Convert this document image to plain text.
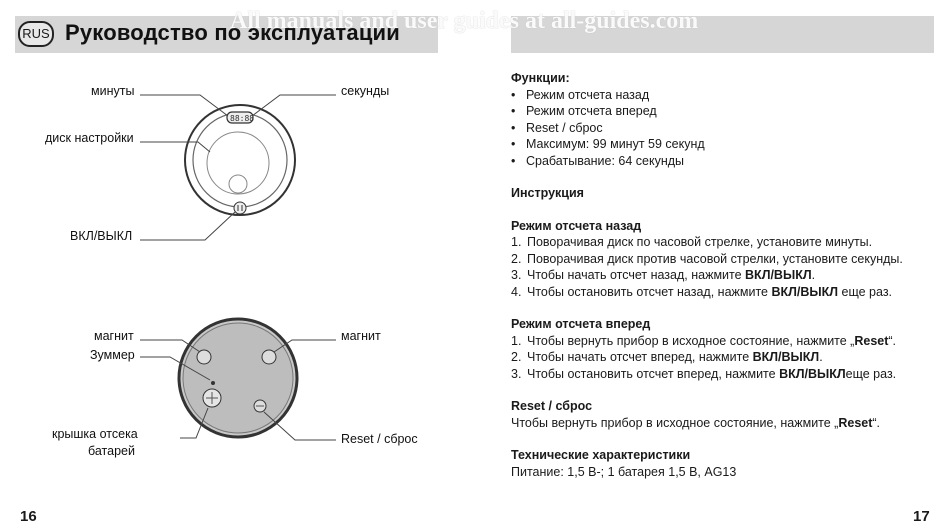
RUS Руководство по эксплуатации
All manuals and user guides at all-guides.com
88:88
минуты	секунды
диск настройки
ВКЛ/ВЫКЛ
магнит	магнит
Зуммер
крышка отсека
батарей
Reset / сброс
Функции:
• Режим отсчета назад
• Режим отсчета вперед
• Reset / сброс
• Максимум: 99 минут 59 секунд
• Срабатывание: 64 секунды
Инструкция
Режим отсчета назад
1. Поворачивая диск по часовой стрелке, установите минуты.
2. Поворачивая диск против часовой стрелки, установите секунды.
3. Чтобы начать отсчет назад, нажмите ВКЛ/ВЫКЛ.
4. Чтобы остановить отсчет назад, нажмите ВКЛ/ВЫКЛ еще раз.
Режим отсчета вперед
1. Чтобы вернуть прибор в исходное состояние, нажмите „Reset“.
2. Чтобы начать отсчет вперед, нажмите ВКЛ/ВЫКЛ.
3. Чтобы остановить отсчет вперед, нажмите ВКЛ/ВЫКЛеще раз.
Reset / сброс
Чтобы вернуть прибор в исходное состояние, нажмите „Reset“.
Технические характеристики
Питание: 1,5 В-; 1 батарея 1,5 В, AG13
16	17
